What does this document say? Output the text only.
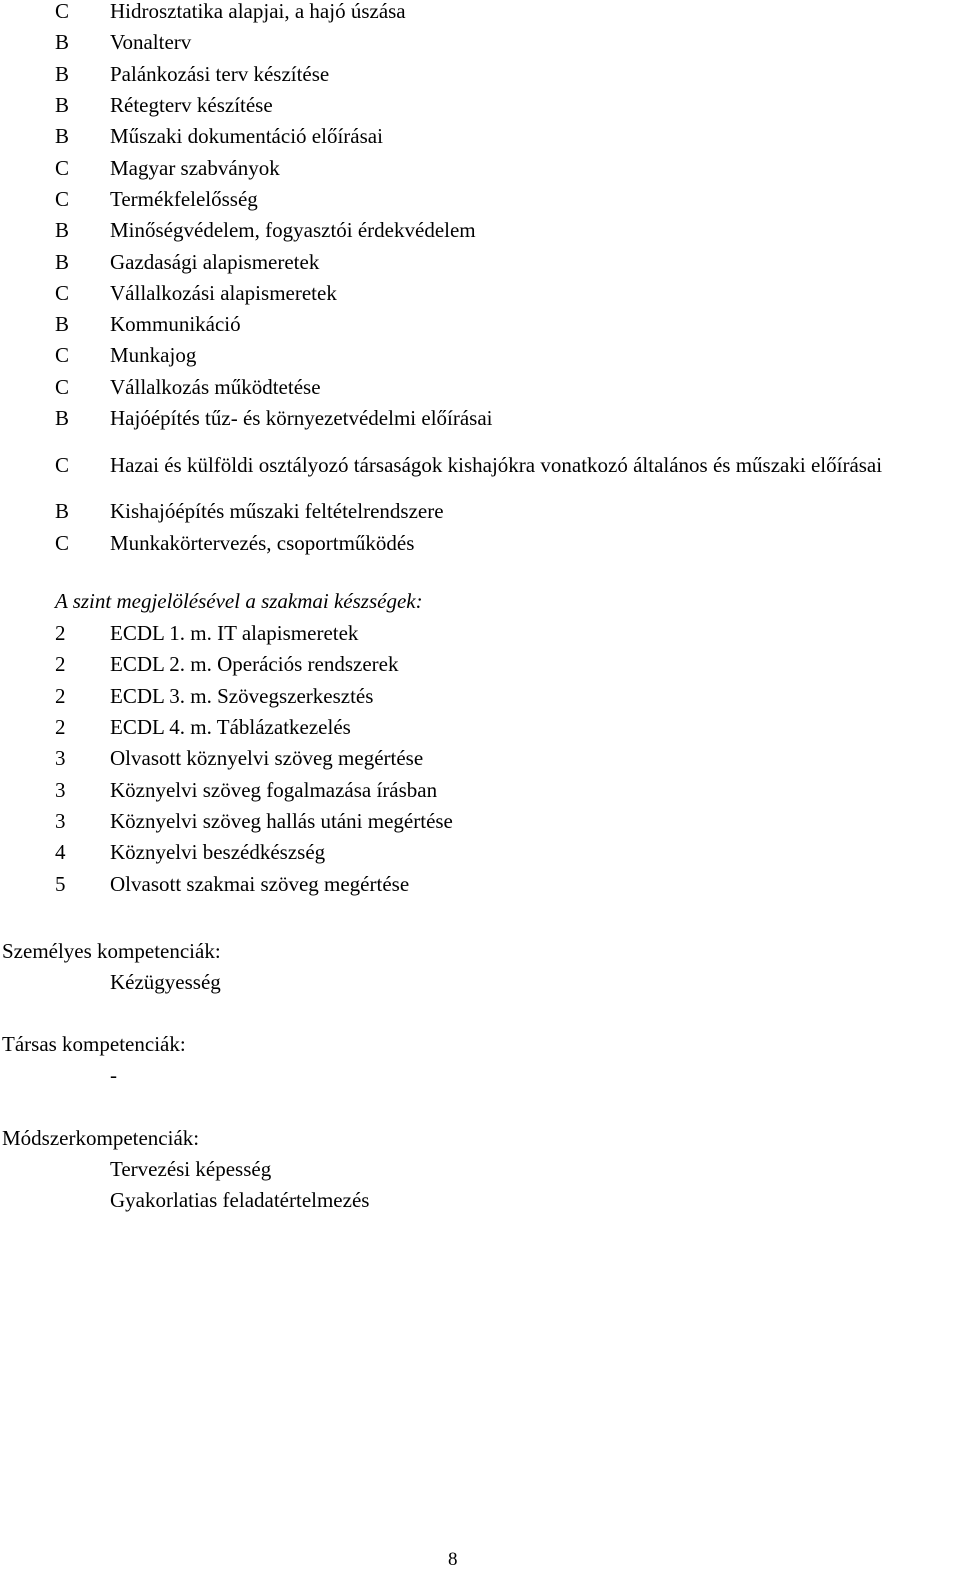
C	Hidrosztatika alapjai, a hajó úszása
B	Vonalterv
B	Palánkozási terv készítése
B	Rétegterv készítése
B	Műszaki dokumentáció előírásai
C	Magyar szabványok
C	Termékfelelősség
B	Minőségvédelem, fogyasztói érdekvédelem
B	Gazdasági alapismeretek
C	Vállalkozási alapismeretek
B	Kommunikáció
C	Munkajog
C	Vállalkozás működtetése
B	Hajóépítés tűz- és környezetvédelmi előírásai
C	Hazai és külföldi osztályozó társaságok kishajókra vonatkozó általános és műszaki előírásai
B	Kishajóépítés műszaki feltételrendszere
C	Munkakörtervezés, csoportműködés
A szint megjelölésével a szakmai készségek:
2	ECDL 1. m. IT alapismeretek
2	ECDL 2. m. Operációs rendszerek
2	ECDL 3. m. Szövegszerkesztés
2	ECDL 4. m. Táblázatkezelés
3	Olvasott köznyelvi szöveg megértése
3	Köznyelvi szöveg fogalmazása írásban
3	Köznyelvi szöveg hallás utáni megértése
4	Köznyelvi beszédkészség
5	Olvasott szakmai szöveg megértése
Személyes kompetenciák:
Kézügyesség
Társas kompetenciák:
-
Módszerkompetenciák:
Tervezési képesség
Gyakorlatias feladatértelmezés
8
